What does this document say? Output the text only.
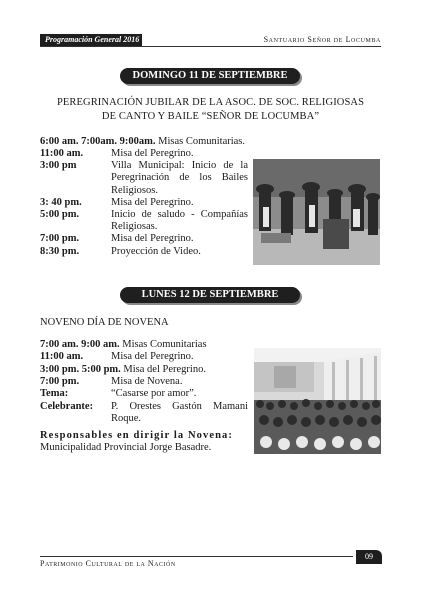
Programación General 2016	Santuario Señor de Locumba
DOMINGO 11 DE SEPTIEMBRE
PEREGRINACIÓN JUBILAR DE LA ASOC. DE SOC. RELIGIOSAS
DE CANTO Y BAILE “SEÑOR DE LOCUMBA”
6:00 am. 7:00am. 9:00am. Misas Comunitarias.
11:00 am.	Misa del Peregrino.
3:00 pm	Villa Municipal: Inicio de la Peregrinación de los Bailes Religiosos.
3: 40 pm.	Misa del Peregrino.
5:00 pm.	Inicio de saludo - Compañías Religiosas.
7:00 pm.	Misa del Peregrino.
8:30 pm.	Proyección de Video.
LUNES 12 DE SEPTIEMBRE
NOVENO DÍA DE NOVENA
7:00 am. 9:00 am. Misas Comunitarias
11:00 am.	Misa del Peregrino.
3:00 pm. 5:00 pm. Misa del Peregrino.
7:00 pm.	Misa de Novena.
Tema:	“Casarse por amor”.
Celebrante:	P. Orestes Gastón Mamani Roque.
Responsables en dirigir la Novena:
Municipalidad Provincial Jorge Basadre.
Patrimonio Cultural de la Nación
09
